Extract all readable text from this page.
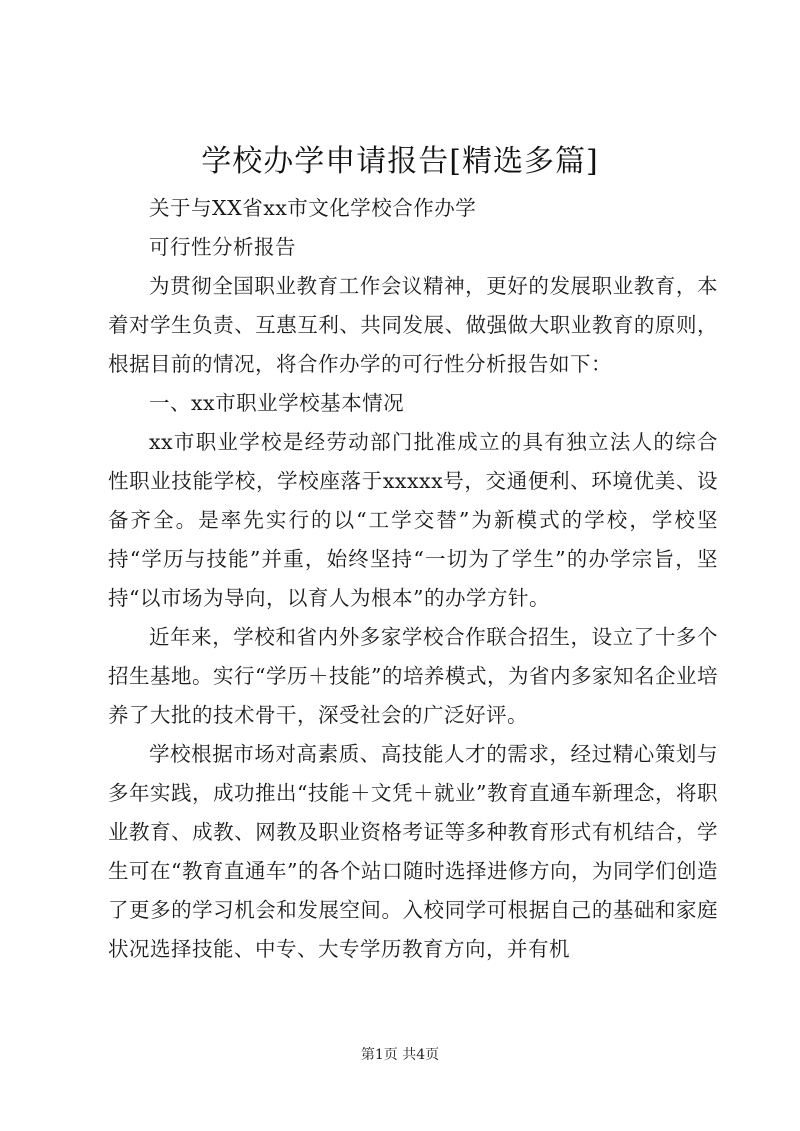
学校办学申请报告[精选多篇]

关于与XX省xx市文化学校合作办学

可行性分析报告

为贯彻全国职业教育工作会议精神，更好的发展职业教育，本着对学生负责、互惠互利、共同发展、做强做大职业教育的原则，根据目前的情况，将合作办学的可行性分析报告如下：

一、xx市职业学校基本情况

xx市职业学校是经劳动部门批准成立的具有独立法人的综合性职业技能学校，学校座落于xxxxx号，交通便利、环境优美、设备齐全。是率先实行的以“工学交替”为新模式的学校，学校坚持“学历与技能”并重，始终坚持“一切为了学生”的办学宗旨，坚持“以市场为导向，以育人为根本”的办学方针。

近年来，学校和省内外多家学校合作联合招生，设立了十多个招生基地。实行“学历＋技能”的培养模式，为省内多家知名企业培养了大批的技术骨干，深受社会的广泛好评。

学校根据市场对高素质、高技能人才的需求，经过精心策划与多年实践，成功推出“技能＋文凭＋就业”教育直通车新理念，将职业教育、成教、网教及职业资格考证等多种教育形式有机结合，学生可在“教育直通车”的各个站口随时选择进修方向，为同学们创造了更多的学习机会和发展空间。入校同学可根据自己的基础和家庭状况选择技能、中专、大专学历教育方向，并有机

第1页 共4页
